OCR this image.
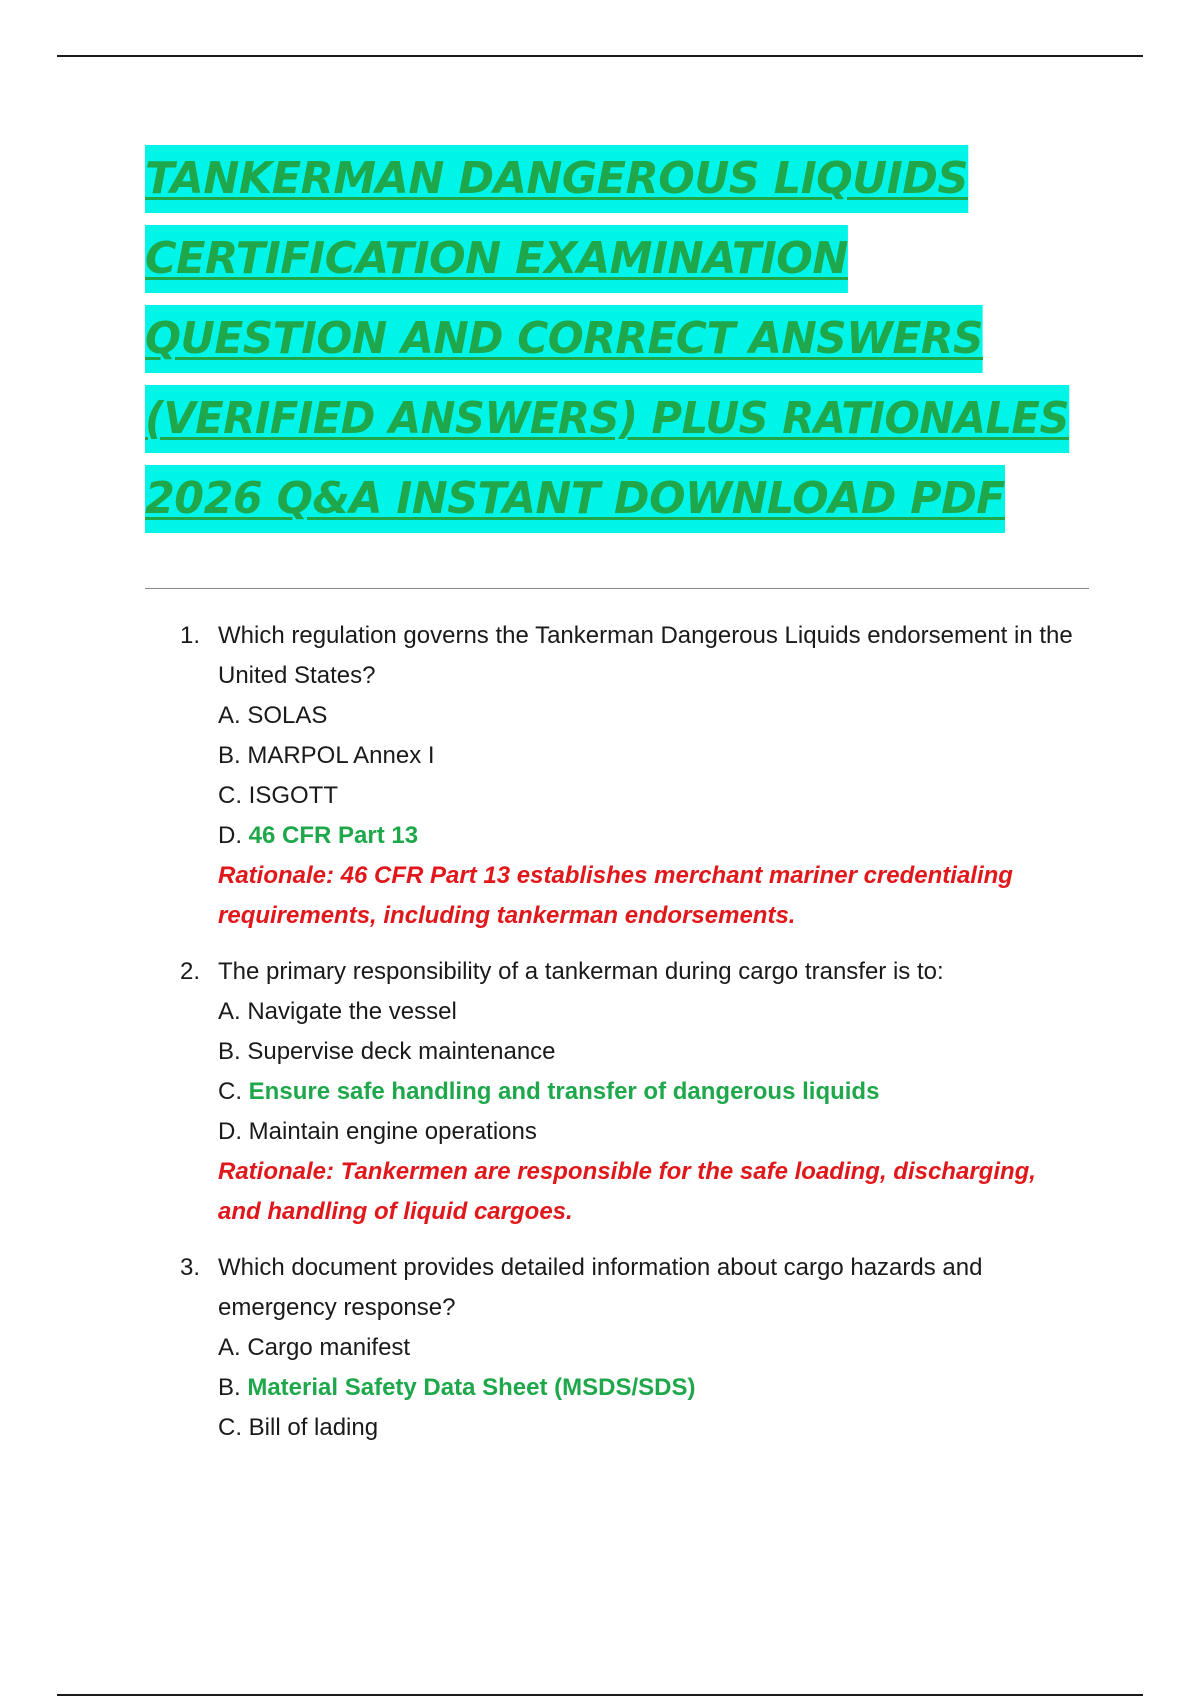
TANKERMAN DANGEROUS LIQUIDS
CERTIFICATION EXAMINATION
QUESTION AND CORRECT ANSWERS
(VERIFIED ANSWERS) PLUS RATIONALES
2026 Q&A INSTANT DOWNLOAD PDF
1. Which regulation governs the Tankerman Dangerous Liquids endorsement in the United States?
A. SOLAS
B. MARPOL Annex I
C. ISGOTT
D. 46 CFR Part 13
Rationale: 46 CFR Part 13 establishes merchant mariner credentialing requirements, including tankerman endorsements.
2. The primary responsibility of a tankerman during cargo transfer is to:
A. Navigate the vessel
B. Supervise deck maintenance
C. Ensure safe handling and transfer of dangerous liquids
D. Maintain engine operations
Rationale: Tankermen are responsible for the safe loading, discharging, and handling of liquid cargoes.
3. Which document provides detailed information about cargo hazards and emergency response?
A. Cargo manifest
B. Material Safety Data Sheet (MSDS/SDS)
C. Bill of lading
